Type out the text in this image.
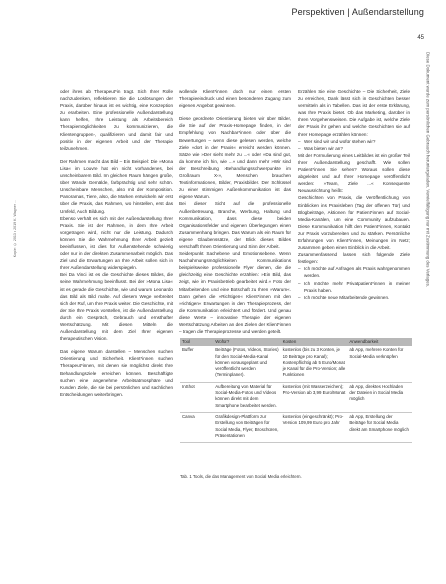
Perspektiven | Außendarstellung
45
Kopie: © 2013 • 2019 K. Wagner ...	Diese Dokument wurde zum persönlichen Gebrauch heruntergeladen. Vervielfältigung nur mit Zustimmung des Verlages.

oder ihres ab Therapeut*in tragt. Sich Ihrer Rolle nachzudenken, reflektieren Sie die Loslösungen der Praxis, darüber hinaus ist es wichtig, eine Konzeption zu erarbeiten. Eine professionelle Außendarstellung kann helfen, Ihre Leistung als Arbeitsbereich Therapiemöglichkeiten zu kommunizieren, die Klientengruppen-, qualifizieren und damit fair und positiv in der eigenen Arbeit und der Therapie teilzunehmen.

Der Rahmen macht das Bild – Ein Beispiel: Die »Mona Lisa« im Louvre hat ein nicht vorhandenes, bei unscheinbarem Bild. Im gleichen Raum hängen große, über Wände Gemälde, farbprächtig und sehr schön. Unscheinbare Menschen, also mit der Komposition. Panoramas, Tiere, also, die Marken entwickeln wir erst über die Praxis, das Rahmen, wo hinstellen, erst das Umfeld, Auch Bildung.

Ebenso verhält es sich mit der Außendarstellung Ihrer Praxis. Sie ist der Rahmen, in dem Ihre Arbeit vorgetragen wird, nicht nur die Leistung. Dadurch können Sie die Wahrnehmung Ihrer Arbeit gezielt beeinflussen, ist dies für Außenstehende schwierig oder nur in der direkten Zusammenarbeit möglich. Das Ziel und die Erwartungen an Ihre Arbeit sollen sich in Ihrer Außendarstellung widerspiegeln.

Bei Da Vinci ist es die Geschichte dieses Bildes, die seine Wahrnehmung beeinflusst. Bei der »Mona Lisa« ist es gerade die Geschichte, wie und warum Leonardo das Bild als Bild malte. Auf diesem Wege verbreitet sich der Ruf, um Ihre Praxis weiter. Die Geschichte, mit der Sie Ihre Praxis vorstellen, ist die Außendarstellung durch ein Gespräch, Gebrauch und ernsthafter Wertschätzung. Mit diesen Mitteln die Außendarstellung mit dem Ziel Ihrer eigenen therapeutischen Vision.

Das eigene Warum darstellen – Menschen suchen Orientierung und Sicherheit. Klient*innen suchen Therapeut*innen, mit denen sie möglichst direkt Ihre Behandlungsziele erreichen können. Beschäftigte suchen eine angenehme Arbeitsatmosphäre und Kunden Ziele, die sie bei persönlichen und sachlichen Entscheidungen weiterbringen.

wollende Klient*innen doch nur einen ersten Therapieeindruck und einen besonderen Zugang zum eigenen Angebot gewinnen.

Diese geordnete Orientierung bieten wir über Bilder, die Sie auf der Praxis-Homepage finden, in der Empfehlung von Nachbar*innen oder über die Bewertungen – wenn diese gelesen werden, welche Ziele »dort in der Praxis« erreicht werden können. Sätze wie »Der sieht mehr zu ...« oder »Da sind gut, da komme ich hin, wie ...« und dann mehr »Wir sind der Beschreibung ›Behandlungsschwerpunkte im Großraum X‹«, Menschen brauchen Textinformationen, Bilder, Praxisbilder. Der Schlüssel zu einer stimmigen Außenkommunikation ist das eigene Warum.

Bei dieser Sicht auf die professionelle Außenbetreuung, Branche, Werbung, Haltung und Kommunikation, dass diese beiden Organisationsfelder und eigenen Überlegungen einen Zusammenhang bringen. Das Warum als ein Raum für eigene Glaubenssätze, der Blick dieses Bildes verschafft Ihnen Orientierung und Sinn der Arbeit.

Seiderpunkt Sachebene und Emotionsebene. Wenn Nachahmungsmöglichkeiten Kommunikations beispielsweise professionelle Flyer dienen, die die gleichzeitig eine Geschichte erzählen: »Ein Bild, das zeigt, wie im Praxisbetrieb gearbeitet wird.« Foto der Mitarbeitenden und eine Botschaft zu Ihren »Warum«. Dann gehen die »Richtigen« Klient*innen mit den »richtigen« Erwartungen in den Therapieprozess, der die Kommunikation erleichtert und fördert. Und genau diese Werte – innovative Therapie der eigenen Wertschätzung Arbeiten an den Zielen der Klient*innen – tragen die Therapieprozesse und werden geteilt.

Erzählen Sie eine Geschichte – Die Sicherheit, Ziele zu erreichen, Dank lässt sich in Geschichten besser vermitteln als in Tabellen. Das ist der erste Erklärung, was Ihre Praxis bietet. Ob das Marketing, darüber in Ihren Vorgehensweisen. Die Aufgabe ist, welche Ziele der Praxis ihr gehen und welche Geschichten sie auf Ihrer Homepage erzählen können:

– Wer sind wir und wofür stehen wir?
– Was bieten wir an?

Mit der Formulierung eines Leitbildes ist ein großer Teil Ihrer Außendarstellung geschafft. Wie sollen Patient*innen Sie sehen? Woraus sollen diese abgeleitet und auf Ihrer Homepage veröffentlicht werden: »Team, Ziele ...« Konsequente Neuausrichtung heißt:

Geschichten von Praxis, die Veröffentlichung von Einblicken ins Praxisleben (Tag der offenen Tür) und Blogbeiträge, Aktionen für Patient*innen auf Social-Media-Kanälen, um eine Community aufzubauen. Diese Kommunikation hilft den Patient*innen, Kontakt zur Praxis vorzubereiten und zu stärken. Persönliche Erfahrungen von Klient*innen, Meinungen im Netz; zusammen geben einen Einblick in die Arbeit.

Zusammenfassend lassen sich folgende Ziele festlegen:

– Ich möchte auf Anfragen als Praxis wahrgenommen werden.
– Ich möchte mehr Privatpatient*innen in meiner Praxis haben.
– Ich möchte neue Mitarbeitende gewinnen.
Tool	Wofür?	Kosten	Anwendbarkeit
Buffer	Beiträge (Fotos, Videos, Stories) für den Social-Media-Kanal können vorausgeplant und veröffentlicht werden (Terminplaner).	kostenlos (bis zu 3 Konten, je 10 Beiträge pro Kanal); Kostenpflichtig ab 5 Euro/Monat je Kanal für die Pro-Version; alle Funktionen	ab App, mehrere Konten für Social-Media verknüpfen
InShot	Aufbereitung von Material für Social-Media-Fotos und Videos können direkt mit dem Smartphone bearbeitet werden.	kostenlos (mit Wasserzeichen); Pro-Version ab 3,99 Euro/Monat	ab App, direktes Hochladen der Dateien in Social Media möglich
Canva	Grafikdesign-Plattform zur Erstellung von Beiträgen für Social Media, Flyer, Broschüren, Präsentationen	kostenlos (eingeschränkt); Pro-Version 109,99 Euro pro Jahr	ab App, Erstellung der Beiträge für Social Media direkt am Smartphone möglich
Tab. 1 Tools, die das Management von Social Media erleichtern.
